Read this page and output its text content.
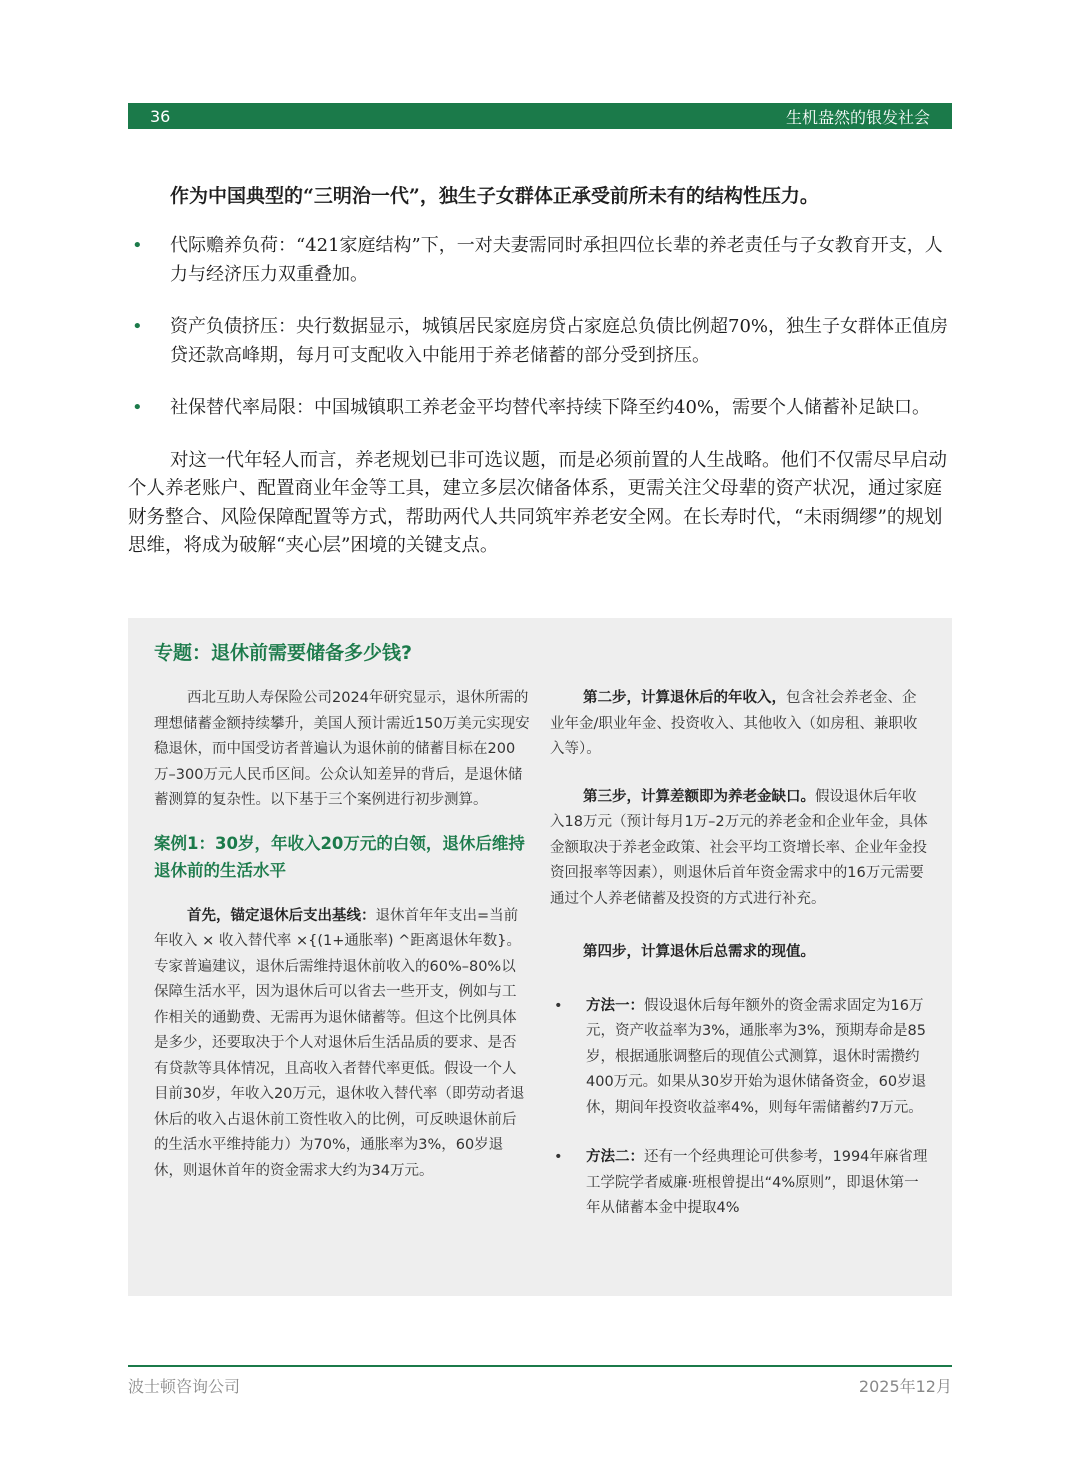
36	生机盎然的银发社会

作为中国典型的“三明治一代”，独生子女群体正承受前所未有的结构性压力。

• 代际赡养负荷：“421家庭结构”下，一对夫妻需同时承担四位长辈的养老责任与子女教育开支，人力与经济压力双重叠加。
• 资产负债挤压：央行数据显示，城镇居民家庭房贷占家庭总负债比例超70%，独生子女群体正值房贷还款高峰期，每月可支配收入中能用于养老储蓄的部分受到挤压。
• 社保替代率局限：中国城镇职工养老金平均替代率持续下降至约40%，需要个人储蓄补足缺口。

对这一代年轻人而言，养老规划已非可选议题，而是必须前置的人生战略。他们不仅需尽早启动个人养老账户、配置商业年金等工具，建立多层次储备体系，更需关注父母辈的资产状况，通过家庭财务整合、风险保障配置等方式，帮助两代人共同筑牢养老安全网。在长寿时代，“未雨绸缪”的规划思维，将成为破解“夹心层”困境的关键支点。

专题：退休前需要储备多少钱?

西北互助人寿保险公司2024年研究显示，退休所需的理想储蓄金额持续攀升，美国人预计需近150万美元实现安稳退休，而中国受访者普遍认为退休前的储蓄目标在200万–300万元人民币区间。公众认知差异的背后，是退休储蓄测算的复杂性。以下基于三个案例进行初步测算。

案例1：30岁，年收入20万元的白领，退休后维持退休前的生活水平

首先，锚定退休后支出基线：退休首年年支出=当前年收入 × 收入替代率 ×{(1+通胀率) ^距离退休年数}。专家普遍建议，退休后需维持退休前收入的60%–80%以保障生活水平，因为退休后可以省去一些开支，例如与工作相关的通勤费、无需再为退休储蓄等。但这个比例具体是多少，还要取决于个人对退休后生活品质的要求、是否有贷款等具体情况，且高收入者替代率更低。假设一个人目前30岁，年收入20万元，退休收入替代率（即劳动者退休后的收入占退休前工资性收入的比例，可反映退休前后的生活水平维持能力）为70%，通胀率为3%，60岁退休，则退休首年的资金需求大约为34万元。

第二步，计算退休后的年收入，包含社会养老金、企业年金/职业年金、投资收入、其他收入（如房租、兼职收入等）。

第三步，计算差额即为养老金缺口。假设退休后年收入18万元（预计每月1万–2万元的养老金和企业年金，具体金额取决于养老金政策、社会平均工资增长率、企业年金投资回报率等因素），则退休后首年资金需求中的16万元需要通过个人养老储蓄及投资的方式进行补充。

第四步，计算退休后总需求的现值。

• 方法一：假设退休后每年额外的资金需求固定为16万元，资产收益率为3%，通胀率为3%，预期寿命是85岁，根据通胀调整后的现值公式测算，退休时需攒约400万元。如果从30岁开始为退休储备资金，60岁退休，期间年投资收益率4%，则每年需储蓄约7万元。

• 方法二：还有一个经典理论可供参考，1994年麻省理工学院学者威廉·班根曾提出“4%原则”，即退休第一年从储蓄本金中提取4%

波士顿咨询公司	2025年12月
